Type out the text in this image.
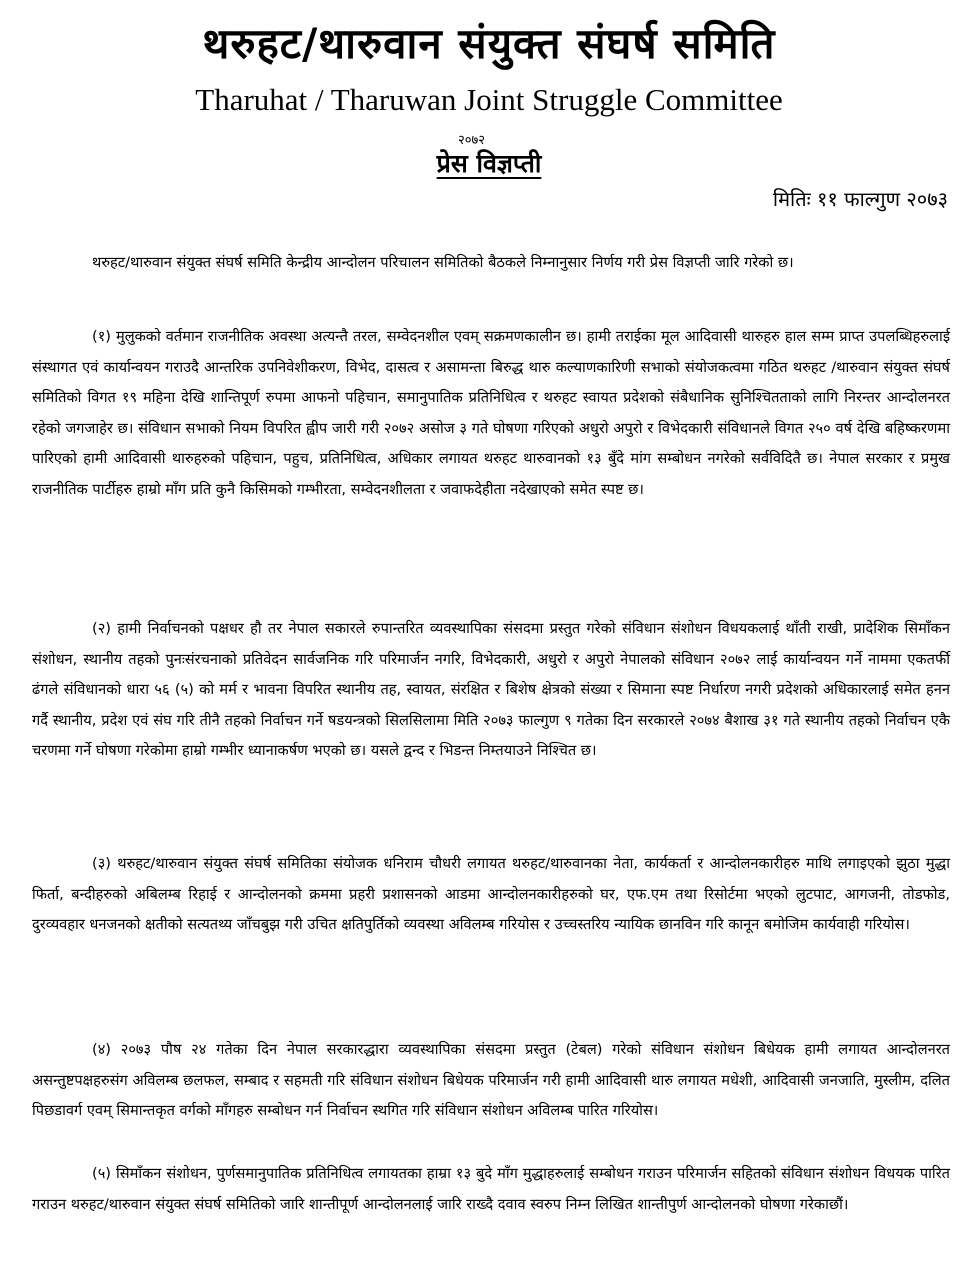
थरुहट/थारुवान संयुक्त संघर्ष समिति
Tharuhat / Tharuwan Joint Struggle Committee
२०७२
प्रेस विज्ञप्ती
मितिः ११ फाल्गुण २०७३

थरुहट/थारुवान संयुक्त संघर्ष समिति केन्द्रीय आन्दोलन परिचालन समितिको बैठकले निम्नानुसार निर्णय गरी प्रेस विज्ञप्ती जारि गरेको छ।

(१) मुलुकको वर्तमान राजनीतिक अवस्था अत्यन्तै तरल, सम्वेदनशील एवम् सक्रमणकालीन छ। हामी तराईका मूल आदिवासी थारुहरु हाल सम्म प्राप्त उपलब्धिहरुलाई संस्थागत एवं कार्यान्वयन गराउदै आन्तरिक उपनिवेशीकरण, विभेद, दासत्व र असामन्ता बिरुद्ध थारु कल्याणकारिणी सभाको संयोजकत्वमा गठित थरुहट /थारुवान संयुक्त संघर्ष समितिको विगत १९ महिना देखि शान्तिपूर्ण रुपमा आफनो पहिचान, समानुपातिक प्रतिनिधित्व र थरुहट स्वायत प्रदेशको संबैधानिक सुनिश्चितताको लागि निरन्तर आन्दोलनरत रहेको जगजाहेर छ। संविधान सभाको नियम विपरित ह्वीप जारी गरी २०७२ असोज ३ गते घोषणा गरिएको अधुरो अपुरो र विभेदकारी संविधानले विगत २५० वर्ष देखि बहिष्करणमा पारिएको हामी आदिवासी थारुहरुको पहिचान, पहुच, प्रतिनिधित्व, अधिकार लगायत थरुहट थारुवानको १३ बुँदे मांग सम्बोधन नगरेको सर्वविदितै छ। नेपाल सरकार र प्रमुख राजनीतिक पार्टीहरु हाम्रो माँग प्रति कुनै किसिमको गम्भीरता, सम्वेदनशीलता र जवाफदेहीता नदेखाएको समेत स्पष्ट छ।

(२) हामी निर्वाचनको पक्षधर हौ तर नेपाल सकारले रुपान्तरित व्यवस्थापिका संसदमा प्रस्तुत गरेको संविधान संशोधन विधयकलाई थाँती राखी, प्रादेशिक सिमाँकन संशोधन, स्थानीय तहको पुनःसंरचनाको प्रतिवेदन सार्वजनिक गरि परिमार्जन नगरि, विभेदकारी, अधुरो र अपुरो नेपालको संविधान २०७२ लाई कार्यान्वयन गर्ने नाममा एकतर्फी ढंगले संविधानको धारा ५६ (५) को मर्म र भावना विपरित स्थानीय तह, स्वायत, संरक्षित र बिशेष क्षेत्रको संख्या र सिमाना स्पष्ट निर्धारण नगरी प्रदेशको अधिकारलाई समेत हनन गर्दै स्थानीय, प्रदेश एवं संघ गरि तीनै तहको निर्वाचन गर्ने षडयन्त्रको सिलसिलामा मिति २०७३ फाल्गुण ९ गतेका दिन सरकारले २०७४ बैशाख ३१ गते स्थानीय तहको निर्वाचन एकै चरणमा गर्ने घोषणा गरेकोमा हाम्रो गम्भीर ध्यानाकर्षण भएको छ। यसले द्वन्द र भिडन्त निम्तयाउने निश्चित छ।

(३) थरुहट/थारुवान संयुक्त संघर्ष समितिका संयोजक धनिराम चौधरी लगायत थरुहट/थारुवानका नेता, कार्यकर्ता र आन्दोलनकारीहरु माथि लगाइएको झुठा मुद्धा फिर्ता, बन्दीहरुको अबिलम्ब रिहाई र आन्दोलनको क्रममा प्रहरी प्रशासनको आडमा आन्दोलनकारीहरुको घर, एफ.एम तथा रिसोर्टमा भएको लुटपाट, आगजनी, तोडफोड, दुरव्यवहार धनजनको क्षतीको सत्यतथ्य जाँचबुझ गरी उचित क्षतिपुर्तिको व्यवस्था अविलम्ब गरियोस र उच्चस्तरिय न्यायिक छानविन गरि कानून बमोजिम कार्यवाही गरियोस।

(४) २०७३ पौष २४ गतेका दिन नेपाल सरकारद्धारा व्यवस्थापिका संसदमा प्रस्तुत (टेबल) गरेको संविधान संशोधन बिधेयक हामी लगायत आन्दोलनरत असन्तुष्टपक्षहरुसंग अविलम्ब छलफल, सम्बाद र सहमती गरि संविधान संशोधन बिधेयक परिमार्जन गरी हामी आदिवासी थारु लगायत मधेशी, आदिवासी जनजाति, मुस्लीम, दलित पिछडावर्ग एवम् सिमान्तकृत वर्गको माँगहरु सम्बोधन गर्न निर्वाचन स्थगित गरि संविधान संशोधन अविलम्ब पारित गरियोस।

(५) सिमाँकन संशोधन, पुर्णसमानुपातिक प्रतिनिधित्व लगायतका हाम्रा १३ बुदे माँग मुद्धाहरुलाई सम्बोधन गराउन परिमार्जन सहितको संविधान संशोधन विधयक पारित गराउन थरुहट/थारुवान संयुक्त संघर्ष समितिको जारि शान्तीपूर्ण आन्दोलनलाई जारि राख्दै दवाव स्वरुप निम्न लिखित शान्तीपुर्ण आन्दोलनको घोषणा गरेकाछौं।
